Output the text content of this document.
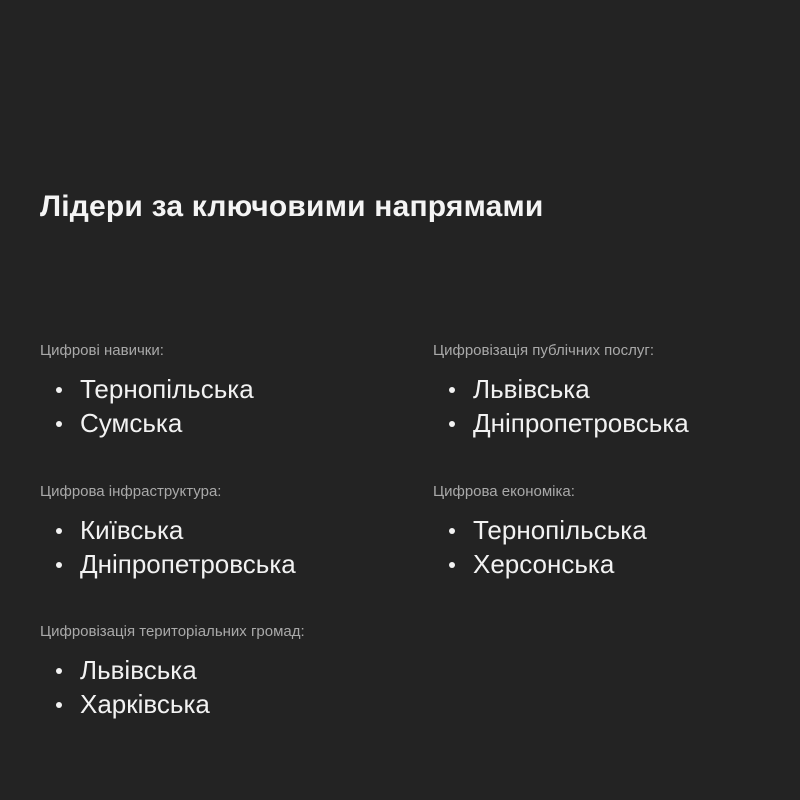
Лідери за ключовими напрямами
Цифрові навички:
Тернопільська
Сумська
Цифровізація публічних послуг:
Львівська
Дніпропетровська
Цифрова інфраструктура:
Київська
Дніпропетровська
Цифрова економіка:
Тернопільська
Херсонська
Цифровізація територіальних громад:
Львівська
Харківська
